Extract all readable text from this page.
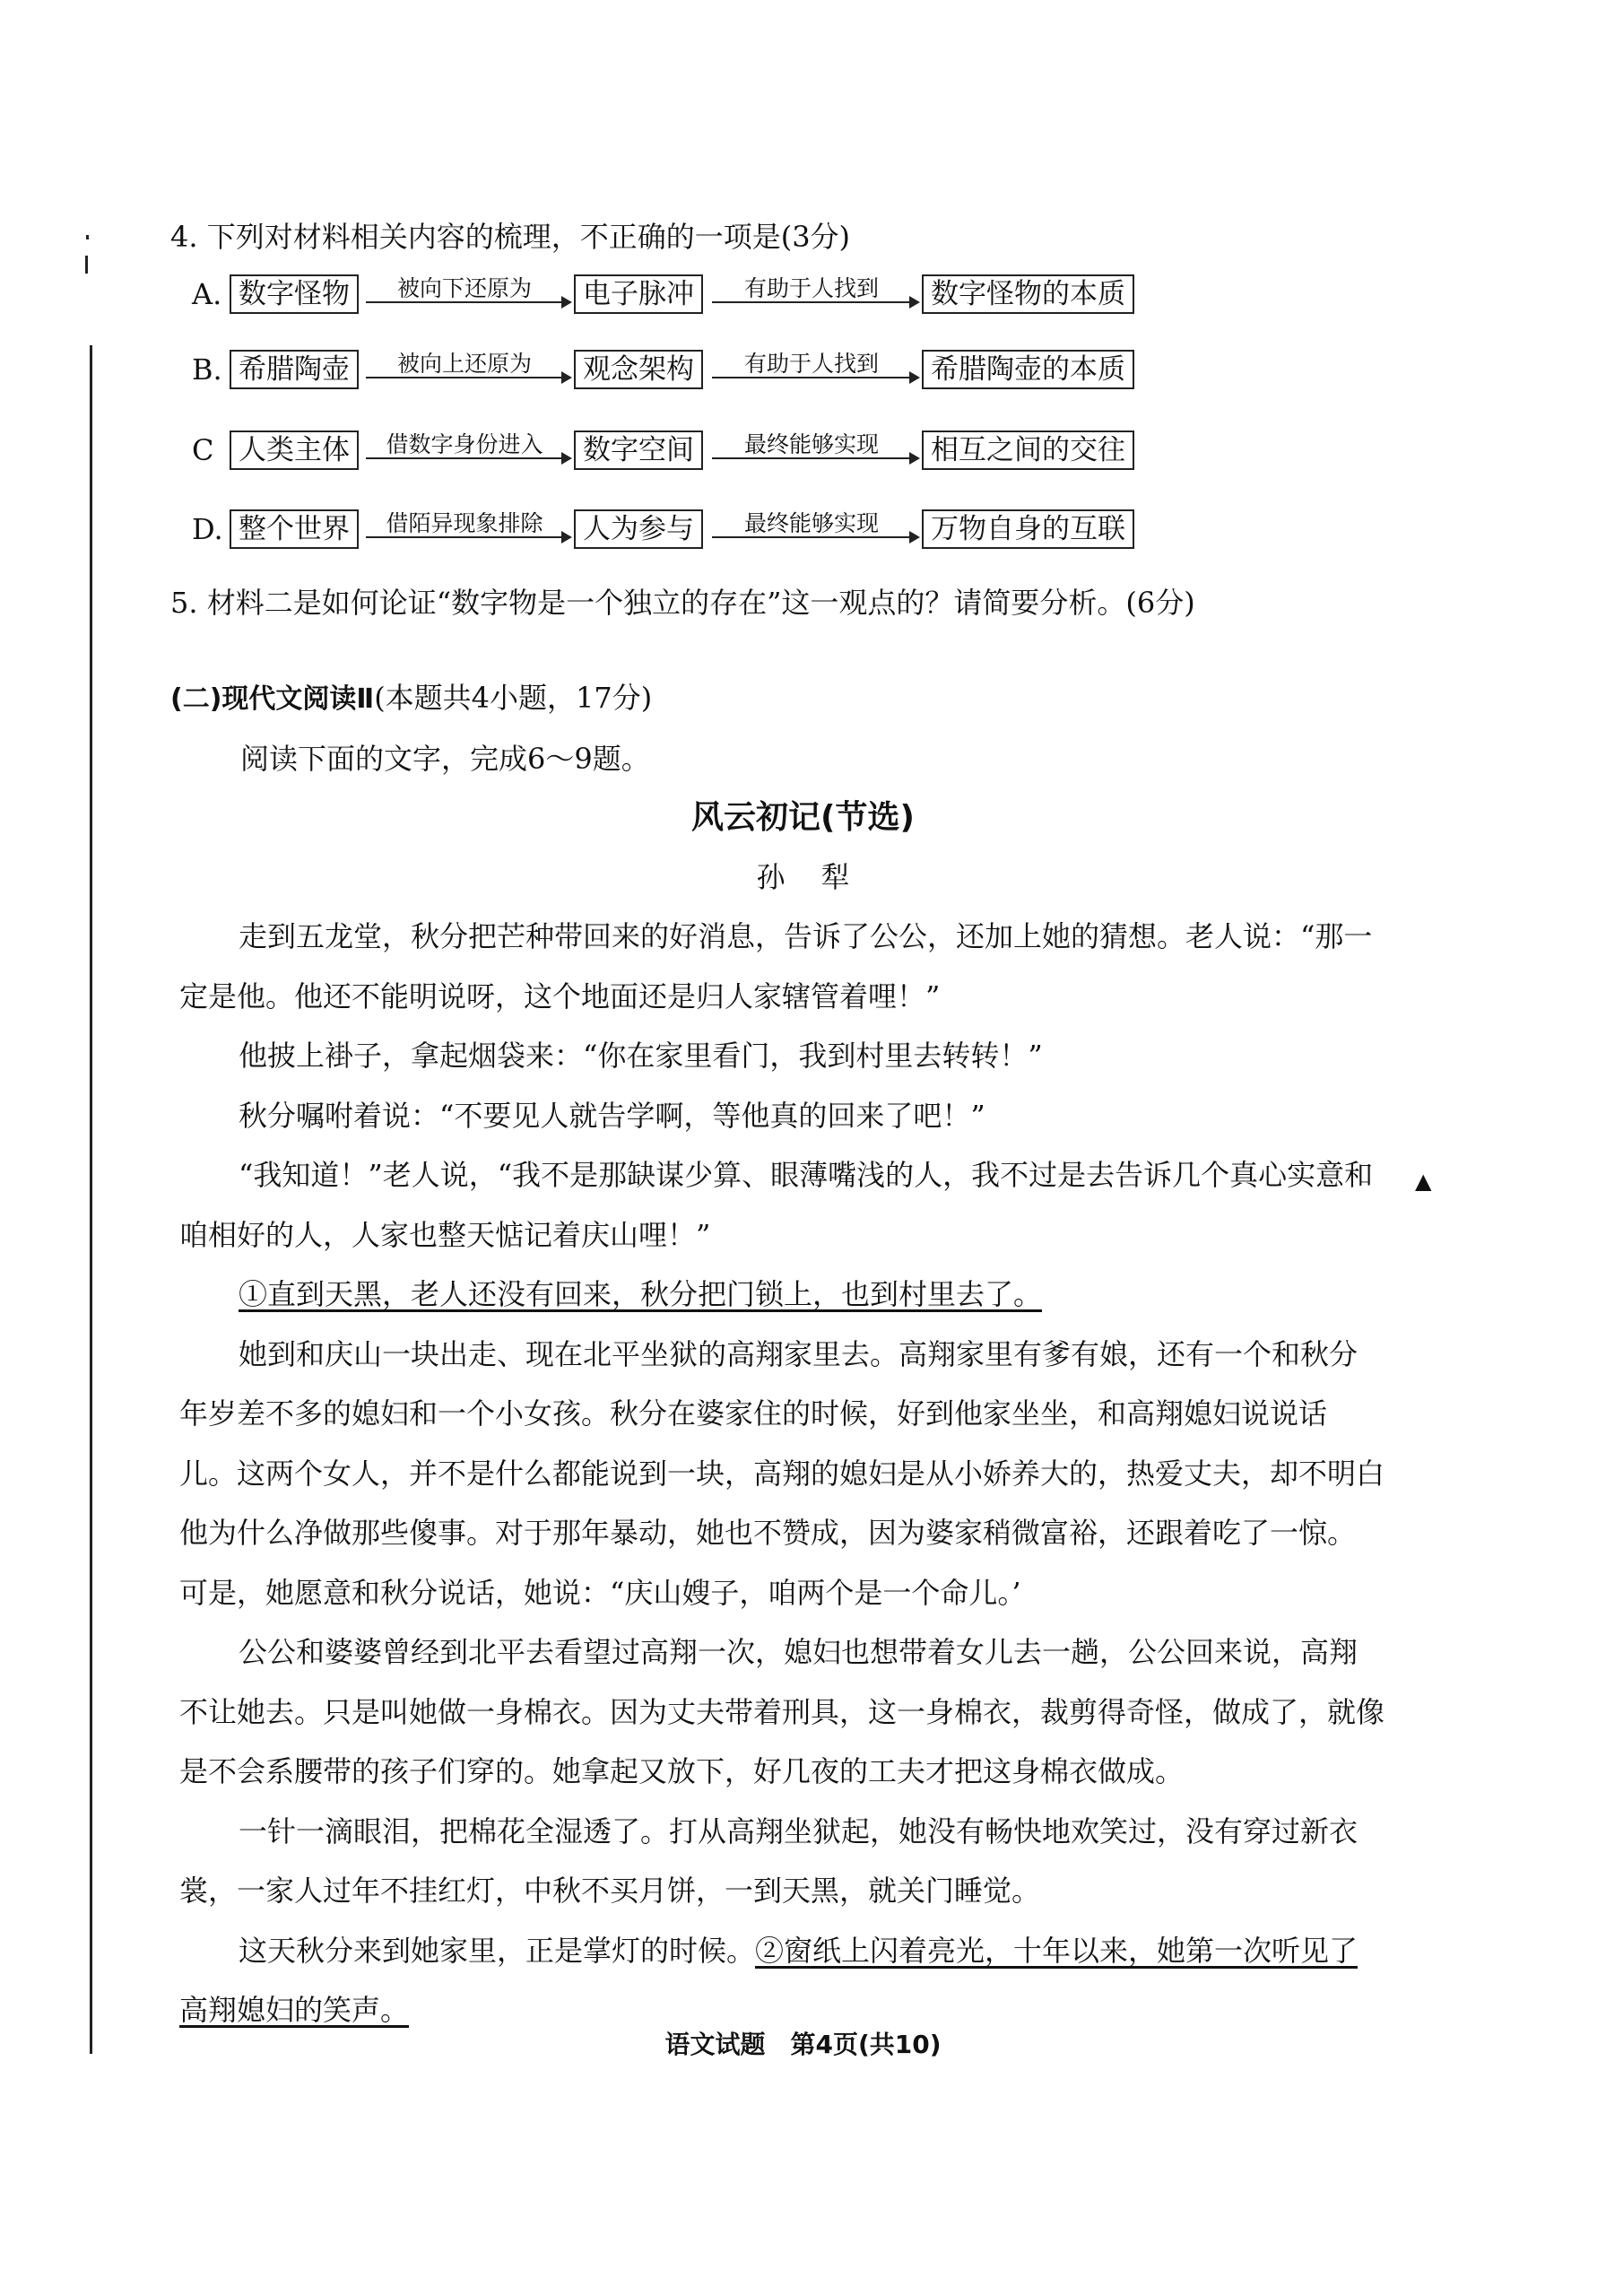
4. 下列对材料相关内容的梳理，不正确的一项是(3分)
A. 数字怪物	被向下还原为	电子脉冲	有助于人找到	数字怪物的本质
B. 希腊陶壶	被向上还原为	观念架构	有助于人找到	希腊陶壶的本质
C 人类主体	借数字身份进入	数字空间	最终能够实现	相互之间的交往
D. 整个世界	借陌异现象排除	人为参与	最终能够实现	万物自身的互联
5. 材料二是如何论证“数字物是一个独立的存在”这一观点的？请简要分析。(6分)
(二)现代文阅读Ⅱ(本题共4小题，17分)
阅读下面的文字，完成6～9题。
风云初记(节选)
孙犁
走到五龙堂，秋分把芒种带回来的好消息，告诉了公公，还加上她的猜想。老人说：“那一
定是他。他还不能明说呀，这个地面还是归人家辖管着哩！”
他披上褂子，拿起烟袋来：“你在家里看门，我到村里去转转！”
秋分嘱咐着说：“不要见人就告学啊，等他真的回来了吧！”
“我知道！”老人说，“我不是那缺谋少算、眼薄嘴浅的人，我不过是去告诉几个真心实意和
咱相好的人，人家也整天惦记着庆山哩！”
①直到天黑，老人还没有回来，秋分把门锁上，也到村里去了。
她到和庆山一块出走、现在北平坐狱的高翔家里去。高翔家里有爹有娘，还有一个和秋分
年岁差不多的媳妇和一个小女孩。秋分在婆家住的时候，好到他家坐坐，和高翔媳妇说说话
儿。这两个女人，并不是什么都能说到一块，高翔的媳妇是从小娇养大的，热爱丈夫，却不明白
他为什么净做那些傻事。对于那年暴动，她也不赞成，因为婆家稍微富裕，还跟着吃了一惊。
可是，她愿意和秋分说话，她说：“庆山嫂子，咱两个是一个命儿。’
公公和婆婆曾经到北平去看望过高翔一次，媳妇也想带着女儿去一趟，公公回来说，高翔
不让她去。只是叫她做一身棉衣。因为丈夫带着刑具，这一身棉衣，裁剪得奇怪，做成了，就像
是不会系腰带的孩子们穿的。她拿起又放下，好几夜的工夫才把这身棉衣做成。
一针一滴眼泪，把棉花全湿透了。打从高翔坐狱起，她没有畅快地欢笑过，没有穿过新衣
裳，一家人过年不挂红灯，中秋不买月饼，一到天黑，就关门睡觉。
这天秋分来到她家里，正是掌灯的时候。②窗纸上闪着亮光，十年以来，她第一次听见了
高翔媳妇的笑声。
▲
语文试题　第4页(共10)
